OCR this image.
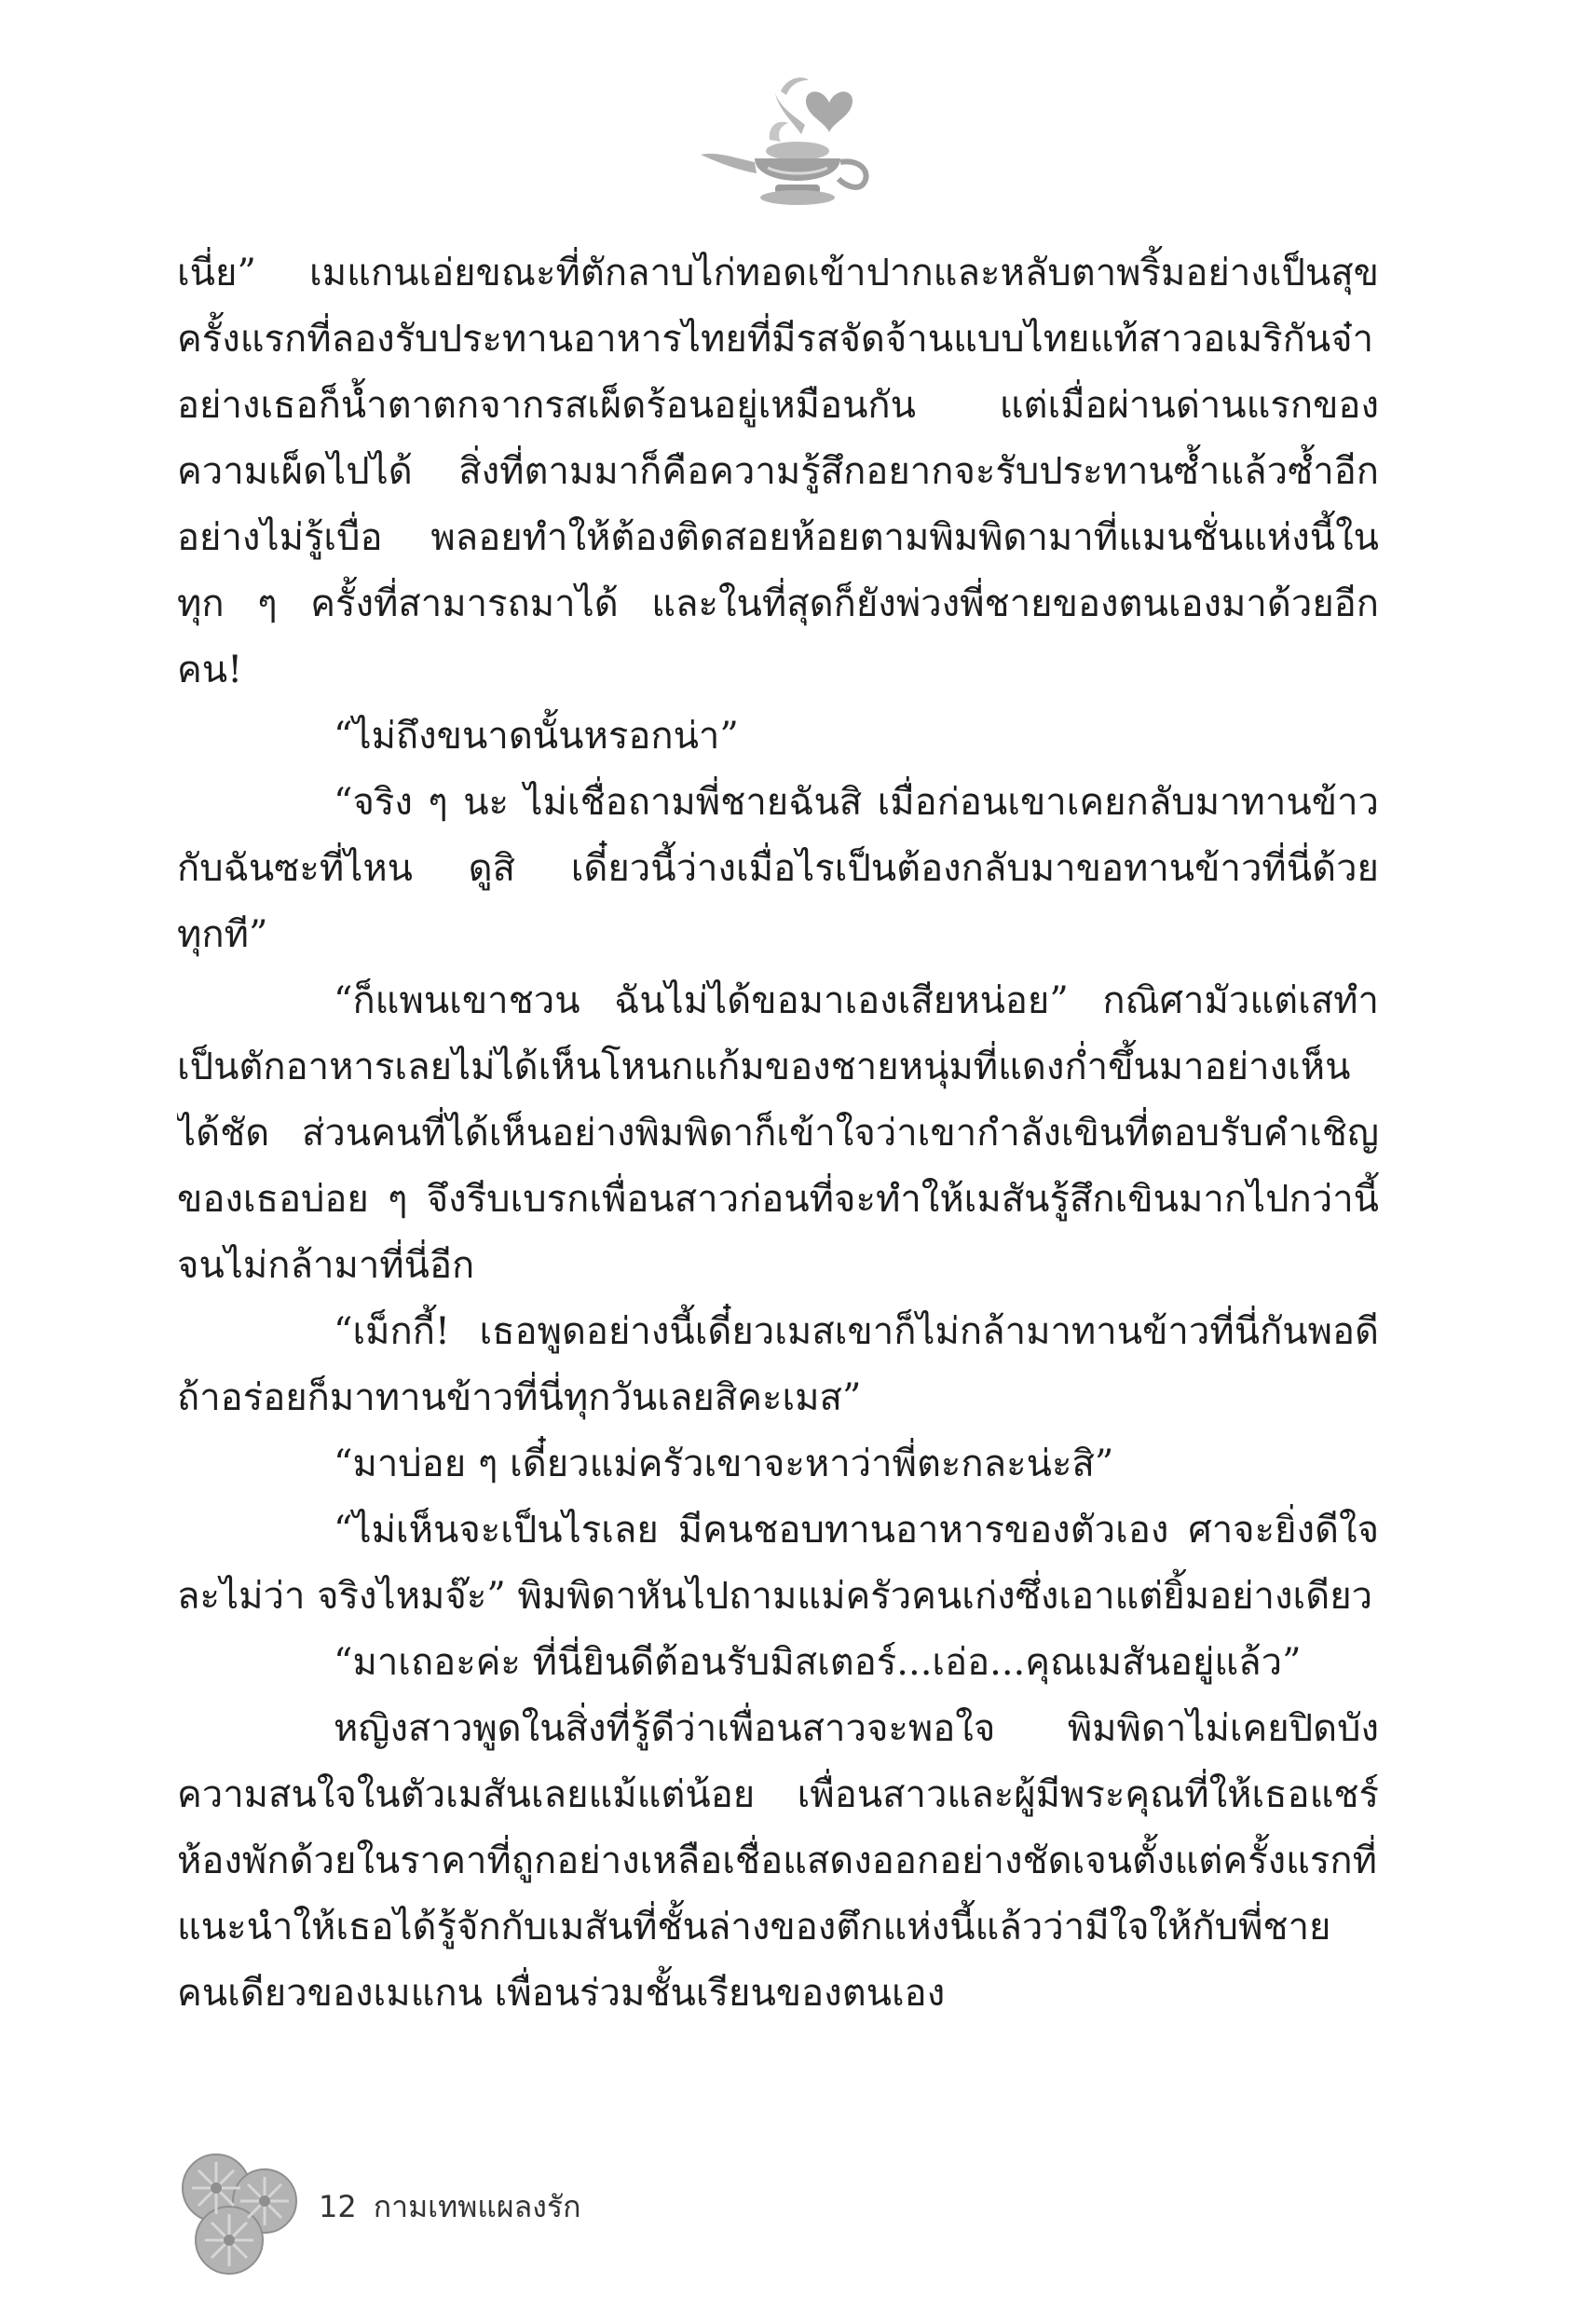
เนี่ย” เมแกนเอ่ยขณะที่ตักลาบไก่ทอดเข้าปากและหลับตาพริ้มอย่างเป็นสุข ครั้งแรกที่ลองรับประทานอาหารไทยที่มีรสจัดจ้านแบบไทยแท้สาวอเมริกันจ๋าอย่างเธอก็น้ำตาตกจากรสเผ็ดร้อนอยู่เหมือนกัน แต่เมื่อผ่านด่านแรกของความเผ็ดไปได้ สิ่งที่ตามมาก็คือความรู้สึกอยากจะรับประทานซ้ำแล้วซ้ำอีกอย่างไม่รู้เบื่อ พลอยทำให้ต้องติดสอยห้อยตามพิมพิดามาที่แมนชั่นแห่งนี้ในทุก ๆ ครั้งที่สามารถมาได้ และในที่สุดก็ยังพ่วงพี่ชายของตนเองมาด้วยอีกคน!

“ไม่ถึงขนาดนั้นหรอกน่า”

“จริง ๆ นะ ไม่เชื่อถามพี่ชายฉันสิ เมื่อก่อนเขาเคยกลับมาทานข้าวกับฉันซะที่ไหน ดูสิ เดี๋ยวนี้ว่างเมื่อไรเป็นต้องกลับมาขอทานข้าวที่นี่ด้วยทุกที”

“ก็แพนเขาชวน ฉันไม่ได้ขอมาเองเสียหน่อย” กณิศามัวแต่เสทำเป็นตักอาหารเลยไม่ได้เห็นโหนกแก้มของชายหนุ่มที่แดงก่ำขึ้นมาอย่างเห็นได้ชัด ส่วนคนที่ได้เห็นอย่างพิมพิดาก็เข้าใจว่าเขากำลังเขินที่ตอบรับคำเชิญของเธอบ่อย ๆ จึงรีบเบรกเพื่อนสาวก่อนที่จะทำให้เมสันรู้สึกเขินมากไปกว่านี้จนไม่กล้ามาที่นี่อีก

“เม็กกี้! เธอพูดอย่างนี้เดี๋ยวเมสเขาก็ไม่กล้ามาทานข้าวที่นี่กันพอดี ถ้าอร่อยก็มาทานข้าวที่นี่ทุกวันเลยสิคะเมส”

“มาบ่อย ๆ เดี๋ยวแม่ครัวเขาจะหาว่าพี่ตะกละน่ะสิ”

“ไม่เห็นจะเป็นไรเลย มีคนชอบทานอาหารของตัวเอง ศาจะยิ่งดีใจละไม่ว่า จริงไหมจ๊ะ” พิมพิดาหันไปถามแม่ครัวคนเก่งซึ่งเอาแต่ยิ้มอย่างเดียว

“มาเถอะค่ะ ที่นี่ยินดีต้อนรับมิสเตอร์...เอ่อ...คุณเมสันอยู่แล้ว”

หญิงสาวพูดในสิ่งที่รู้ดีว่าเพื่อนสาวจะพอใจ พิมพิดาไม่เคยปิดบังความสนใจในตัวเมสันเลยแม้แต่น้อย เพื่อนสาวและผู้มีพระคุณที่ให้เธอแชร์ห้องพักด้วยในราคาที่ถูกอย่างเหลือเชื่อแสดงออกอย่างชัดเจนตั้งแต่ครั้งแรกที่แนะนำให้เธอได้รู้จักกับเมสันที่ชั้นล่างของตึกแห่งนี้แล้วว่ามีใจให้กับพี่ชายคนเดียวของเมแกน เพื่อนร่วมชั้นเรียนของตนเอง

12 กามเทพแผลงรัก
